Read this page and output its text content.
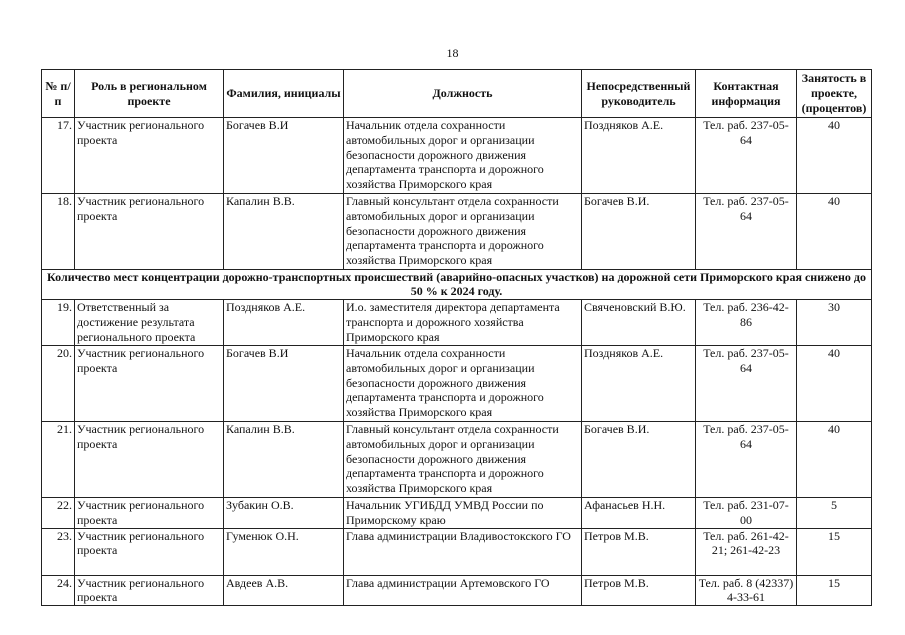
18
№ п/п	Роль в региональном проекте	Фамилия, инициалы	Должность	Непосредственный руководитель	Контактная информация	Занятость в проекте, (процентов)
17.	Участник регионального проекта	Богачев В.И	Начальник отдела сохранности автомобильных дорог и организации безопасности дорожного движения департамента транспорта и дорожного хозяйства Приморского края	Поздняков А.Е.	Тел. раб. 237-05-64	40
18.	Участник регионального проекта	Капалин В.В.	Главный консультант отдела сохранности автомобильных дорог и организации безопасности дорожного движения департамента транспорта и дорожного хозяйства Приморского края	Богачев В.И.	Тел. раб. 237-05-64	40
Количество мест концентрации дорожно-транспортных происшествий (аварийно-опасных участков) на дорожной сети Приморского края снижено до 50 % к 2024 году.						
19.	Ответственный за достижение результата регионального проекта	Поздняков А.Е.	И.о. заместителя директора департамента транспорта и дорожного хозяйства Приморского края	Свяченовский В.Ю.	Тел. раб. 236-42-86	30
20.	Участник регионального проекта	Богачев В.И	Начальник отдела сохранности автомобильных дорог и организации безопасности дорожного движения департамента транспорта и дорожного хозяйства Приморского края	Поздняков А.Е.	Тел. раб. 237-05-64	40
21.	Участник регионального проекта	Капалин В.В.	Главный консультант отдела сохранности автомобильных дорог и организации безопасности дорожного движения департамента транспорта и дорожного хозяйства Приморского края	Богачев В.И.	Тел. раб. 237-05-64	40
22.	Участник регионального проекта	Зубакин О.В.	Начальник УГИБДД УМВД России по Приморскому краю	Афанасьев Н.Н.	Тел. раб. 231-07-00	5
23.	Участник регионального проекта	Гуменюк О.Н.	Глава администрации Владивостокского ГО	Петров М.В.	Тел. раб. 261-42-21; 261-42-23	15
24.	Участник регионального проекта	Авдеев А.В.	Глава администрации Артемовского ГО	Петров М.В.	Тел. раб. 8 (42337) 4-33-61	15
